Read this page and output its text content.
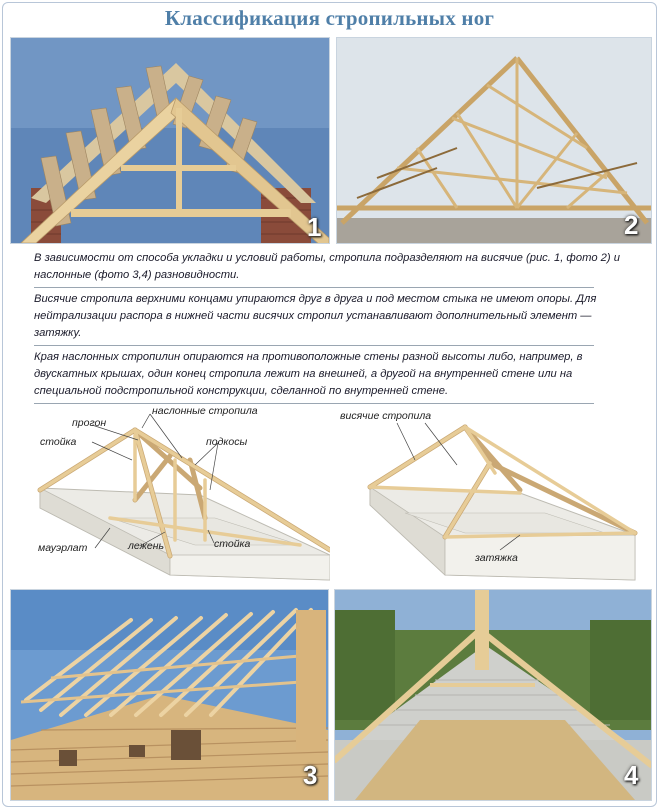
Классификация стропильных ног
1	2

В зависимости от способа укладки и условий работы, стропила подразделяют на висячие (рис. 1, фото 2) и наслонные (фото 3,4) разновидности.

Висячие стропила верхними концами упираются друг в друга и под местом стыка не имеют опоры. Для нейтрализации распора в нижней части висячих стропил устанавливают дополнительный элемент — затяжку.

Края наслонных стропилин опираются на противоположные стены разной высоты либо, например, в двускатных крышах, один конец стропила лежит на внешней, а другой на внутренней стене или на специальной подстропильной конструкции, сделанной по внутренней стене.

прогон
наслонные стропила
стойка	подкосы
мауэрлат	лежень	стойка
висячие стропила
затяжка
3	4
